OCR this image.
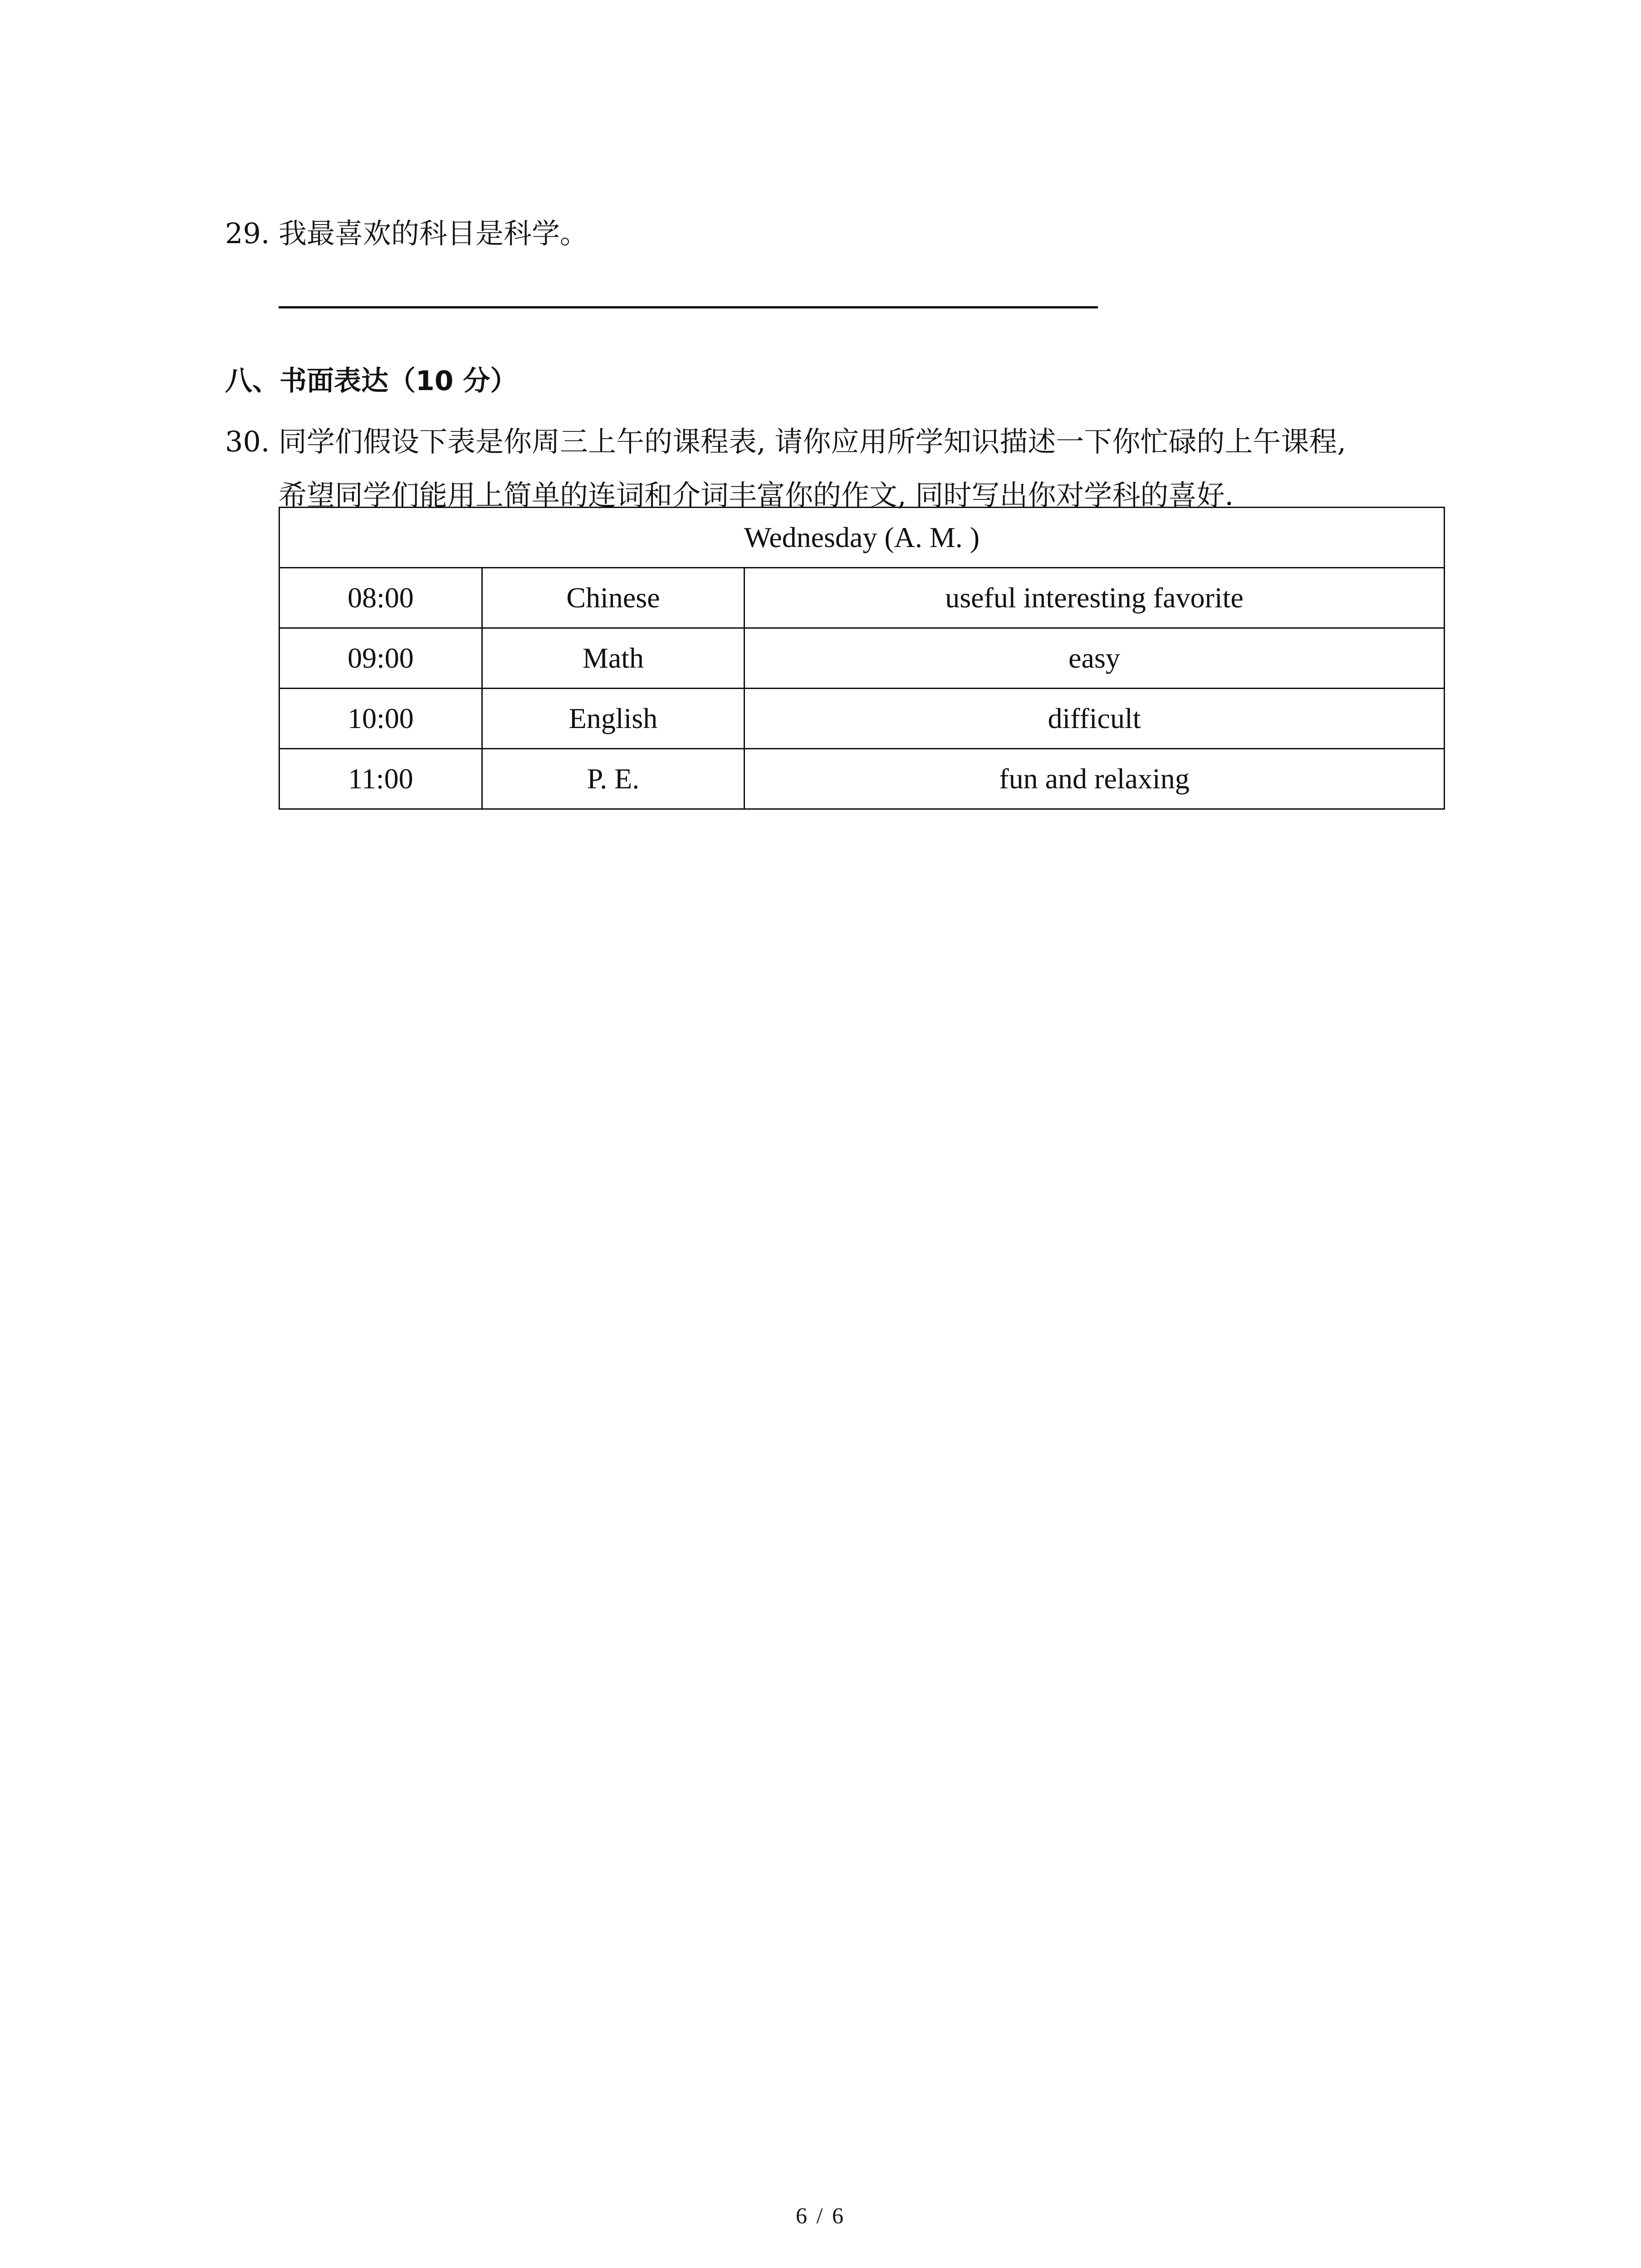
29. 我最喜欢的科目是科学。
八、书面表达（10 分）
30. 同学们假设下表是你周三上午的课程表, 请你应用所学知识描述一下你忙碌的上午课程,
希望同学们能用上简单的连词和介词丰富你的作文, 同时写出你对学科的喜好.
Wednesday (A. M. )		
08:00	Chinese	useful interesting favorite
09:00	Math	easy
10:00	English	difficult
11:00	P. E.	fun and relaxing
6 / 6
